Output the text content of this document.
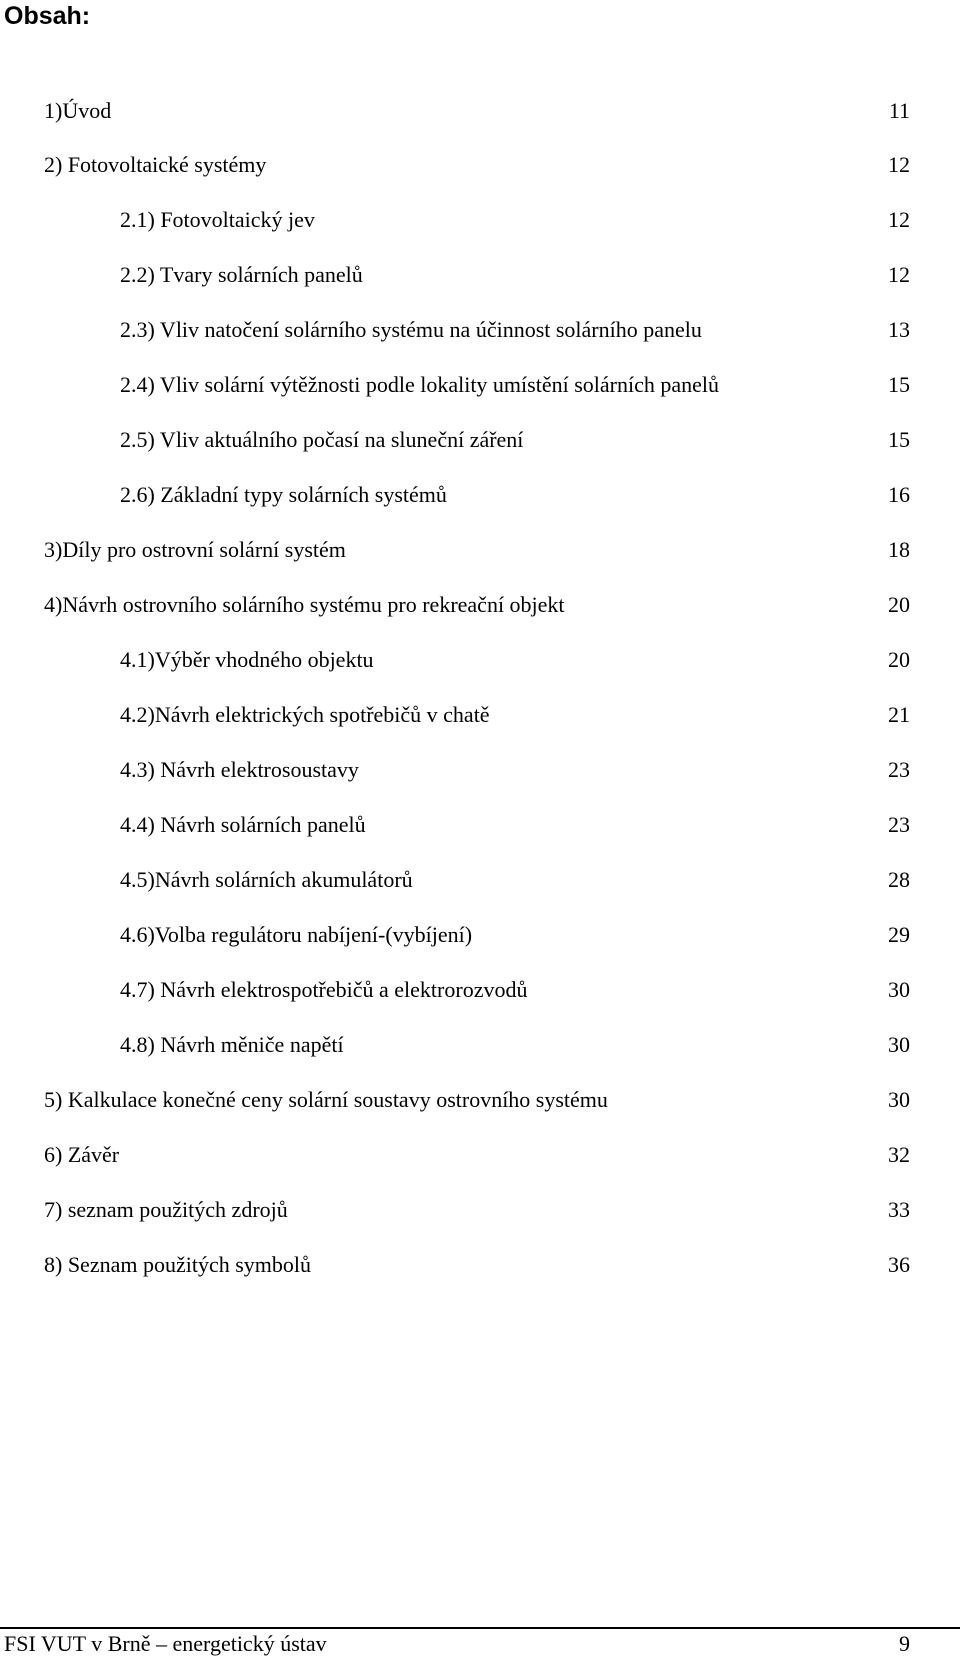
Obsah:
1)Úvod	11
2) Fotovoltaické systémy	12
2.1) Fotovoltaický jev	12
2.2) Tvary solárních panelů	12
2.3) Vliv natočení solárního systému na účinnost solárního panelu	13
2.4) Vliv solární výtěžnosti podle lokality umístění solárních panelů	15
2.5) Vliv aktuálního počasí na sluneční záření	15
2.6) Základní typy solárních systémů	16
3)Díly pro ostrovní solární systém	18
4)Návrh ostrovního solárního systému pro rekreační objekt	20
4.1)Výběr vhodného objektu	20
4.2)Návrh elektrických spotřebičů v chatě	21
4.3) Návrh elektrosoustavy	23
4.4) Návrh solárních panelů	23
4.5)Návrh solárních akumulátorů	28
4.6)Volba regulátoru nabíjení-(vybíjení)	29
4.7) Návrh elektrospotřebičů a elektrorozvodů	30
4.8) Návrh měniče napětí	30
5) Kalkulace konečné ceny solární soustavy ostrovního systému	30
6) Závěr	32
7) seznam použitých zdrojů	33
8) Seznam použitých symbolů	36
FSI VUT v Brně – energetický ústav	9
